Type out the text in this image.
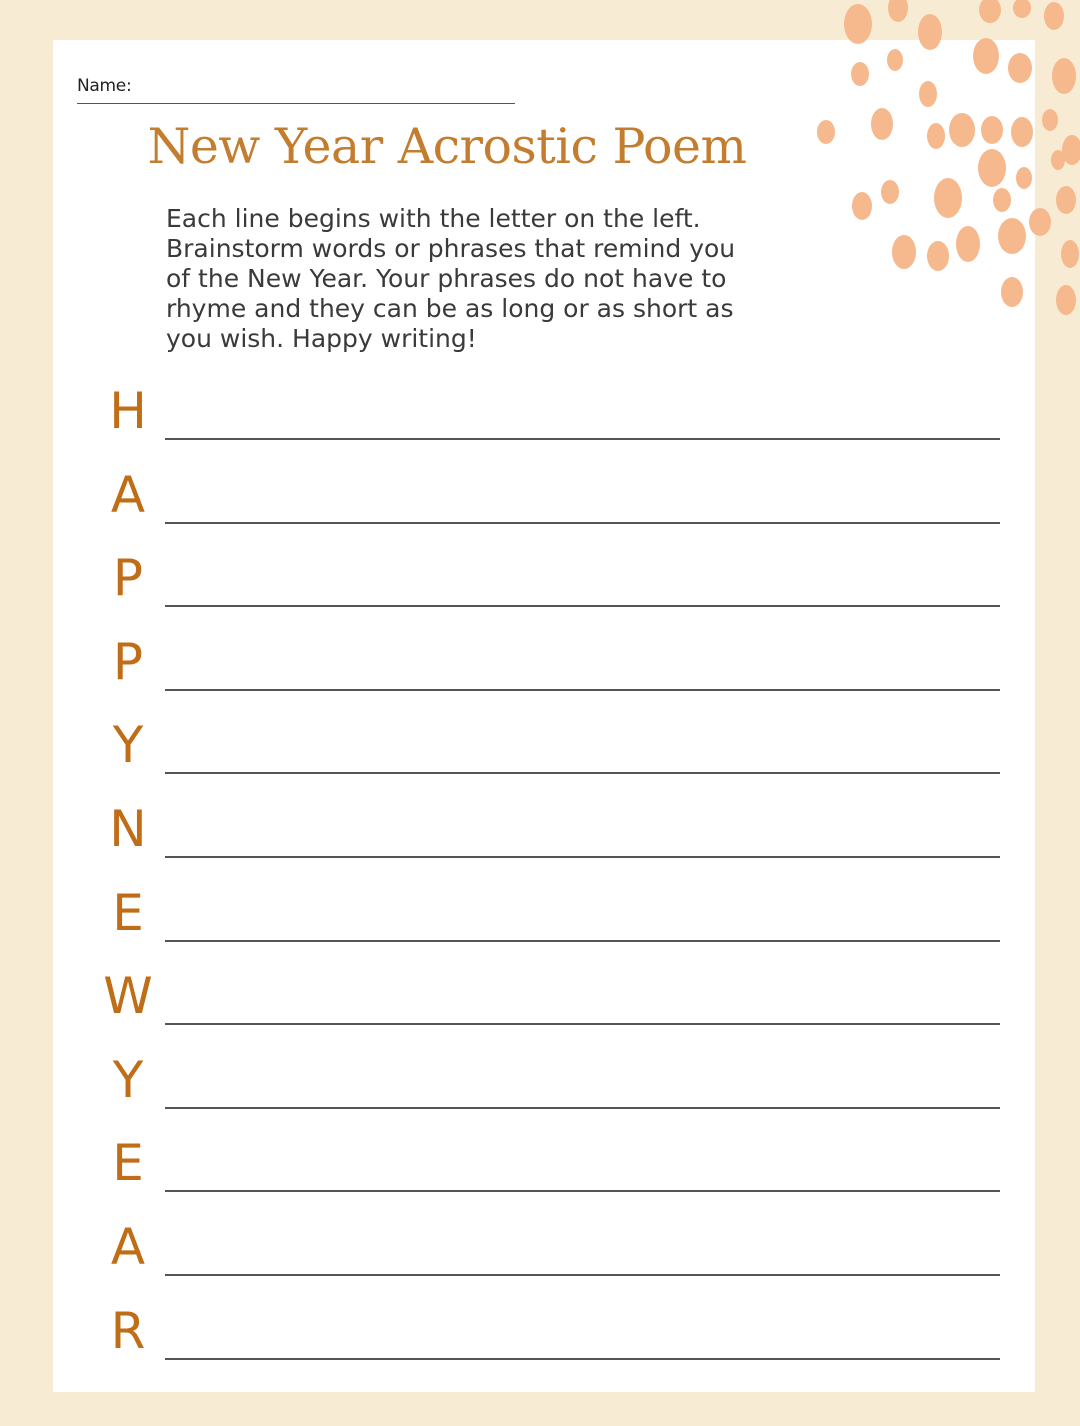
Name:
New Year Acrostic Poem
Each line begins with the letter on the left.
Brainstorm words or phrases that remind you
of the New Year. Your phrases do not have to
rhyme and they can be as long or as short as
you wish. Happy writing!
H
A
P
P
Y
N
E
W
Y
E
A
R
